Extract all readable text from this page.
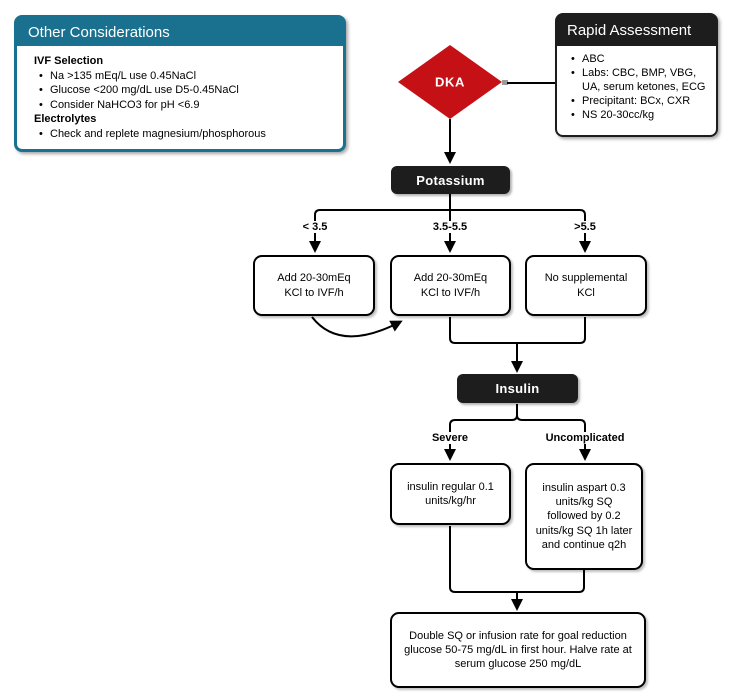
Other Considerations
IVF Selection
• Na >135 mEq/L use 0.45NaCl
• Glucose <200 mg/dL use D5-0.45NaCl
• Consider NaHCO3 for pH <6.9
Electrolytes
• Check and replete magnesium/phosphorous
Rapid Assessment
• ABC
• Labs: CBC, BMP, VBG, UA, serum ketones, ECG
• Precipitant: BCx, CXR
• NS 20-30cc/kg
DKA
Potassium
< 3.5	3.5-5.5	>5.5
Add 20-30mEq KCl to IVF/h
Add 20-30mEq KCl to IVF/h
No supplemental KCl
Insulin
Severe	Uncomplicated
insulin regular 0.1 units/kg/hr
insulin aspart 0.3 units/kg SQ followed by 0.2 units/kg SQ 1h later and continue q2h
Double SQ or infusion rate for goal reduction glucose 50-75 mg/dL in first hour. Halve rate at serum glucose 250 mg/dL
